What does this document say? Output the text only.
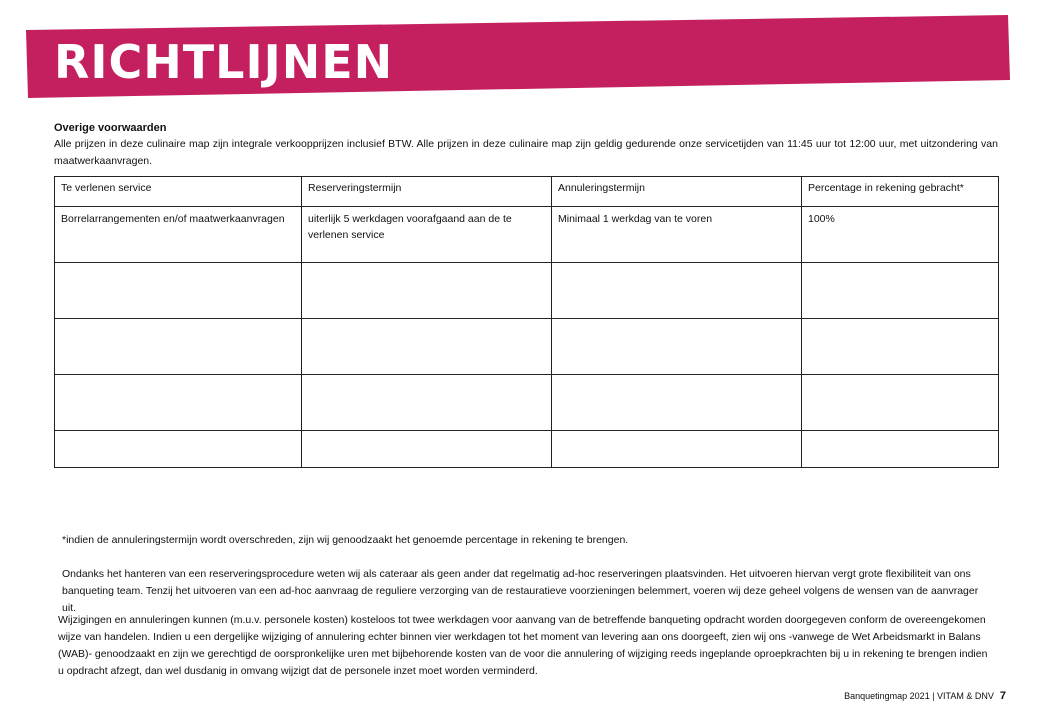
RICHTLIJNEN
Overige voorwaarden
Alle prijzen in deze culinaire map zijn integrale verkoopprijzen inclusief BTW. Alle prijzen in deze culinaire map zijn geldig gedurende onze servicetijden van 11:45 uur tot 12:00 uur, met uitzondering van maatwerkaanvragen.
Te verlenen service	Reserveringstermijn	Annuleringstermijn	Percentage in rekening gebracht*
Borrelarrangementen en/of maatwerkaanvragen	uiterlijk 5 werkdagen voorafgaand aan de te verlenen service	Minimaal 1 werkdag van te voren	100%

*indien de annuleringstermijn wordt overschreden, zijn wij genoodzaakt het genoemde percentage in rekening te brengen.
Ondanks het hanteren van een reserveringsprocedure weten wij als cateraar als geen ander dat regelmatig ad-hoc reserveringen plaatsvinden. Het uitvoeren hiervan vergt grote flexibiliteit van ons banqueting team. Tenzij het uitvoeren van een ad-hoc aanvraag de reguliere verzorging van de restauratieve voorzieningen belemmert, voeren wij deze geheel volgens de wensen van de aanvrager uit.
Wijzigingen en annuleringen kunnen (m.u.v. personele kosten) kosteloos tot twee werkdagen voor aanvang van de betreffende banqueting opdracht worden doorgegeven conform de overeengekomen wijze van handelen. Indien u een dergelijke wijziging of annulering echter binnen vier werkdagen tot het moment van levering aan ons doorgeeft, zien wij ons -vanwege de Wet Arbeidsmarkt in Balans (WAB)- genoodzaakt en zijn we gerechtigd de oorspronkelijke uren met bijbehorende kosten van de voor die annulering of wijziging reeds ingeplande oproepkrachten bij u in rekening te brengen indien u opdracht afzegt, dan wel dusdanig in omvang wijzigt dat de personele inzet moet worden verminderd.
Banquetingmap 2021 | VITAM & DNV 7
